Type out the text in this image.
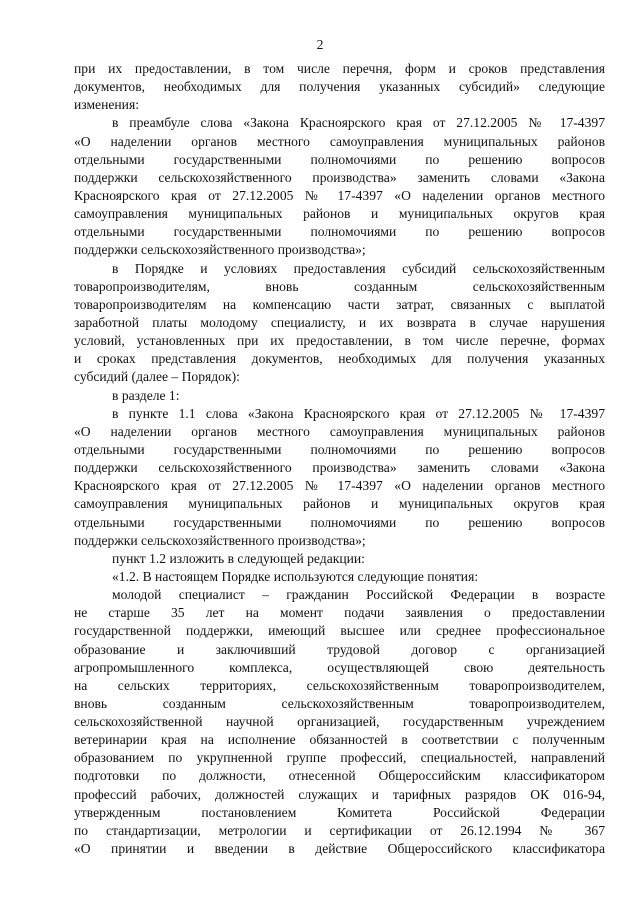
2
при их предоставлении, в том числе перечня, форм и сроков представления
документов, необходимых для получения указанных субсидий» следующие
изменения:
в преамбуле слова «Закона Красноярского края от 27.12.2005 № 17-4397
«О наделении органов местного самоуправления муниципальных районов
отдельными государственными полномочиями по решению вопросов
поддержки сельскохозяйственного производства» заменить словами «Закона
Красноярского края от 27.12.2005 № 17-4397 «О наделении органов местного
самоуправления муниципальных районов и муниципальных округов края
отдельными государственными полномочиями по решению вопросов
поддержки сельскохозяйственного производства»;
в Порядке и условиях предоставления субсидий сельскохозяйственным
товаропроизводителям, вновь созданным сельскохозяйственным
товаропроизводителям на компенсацию части затрат, связанных с выплатой
заработной платы молодому специалисту, и их возврата в случае нарушения
условий, установленных при их предоставлении, в том числе перечне, формах
и сроках представления документов, необходимых для получения указанных
субсидий (далее – Порядок):
в разделе 1:
в пункте 1.1 слова «Закона Красноярского края от 27.12.2005 № 17-4397
«О наделении органов местного самоуправления муниципальных районов
отдельными государственными полномочиями по решению вопросов
поддержки сельскохозяйственного производства» заменить словами «Закона
Красноярского края от 27.12.2005 № 17-4397 «О наделении органов местного
самоуправления муниципальных районов и муниципальных округов края
отдельными государственными полномочиями по решению вопросов
поддержки сельскохозяйственного производства»;
пункт 1.2 изложить в следующей редакции:
«1.2. В настоящем Порядке используются следующие понятия:
молодой специалист – гражданин Российской Федерации в возрасте
не старше 35 лет на момент подачи заявления о предоставлении
государственной поддержки, имеющий высшее или среднее профессиональное
образование и заключивший трудовой договор с организацией
агропромышленного комплекса, осуществляющей свою деятельность
на сельских территориях, сельскохозяйственным товаропроизводителем,
вновь созданным сельскохозяйственным товаропроизводителем,
сельскохозяйственной научной организацией, государственным учреждением
ветеринарии края на исполнение обязанностей в соответствии с полученным
образованием по укрупненной группе профессий, специальностей, направлений
подготовки по должности, отнесенной Общероссийским классификатором
профессий рабочих, должностей служащих и тарифных разрядов ОК 016-94,
утвержденным постановлением Комитета Российской Федерации
по стандартизации, метрологии и сертификации от 26.12.1994 № 367
«О принятии и введении в действие Общероссийского классификатора
